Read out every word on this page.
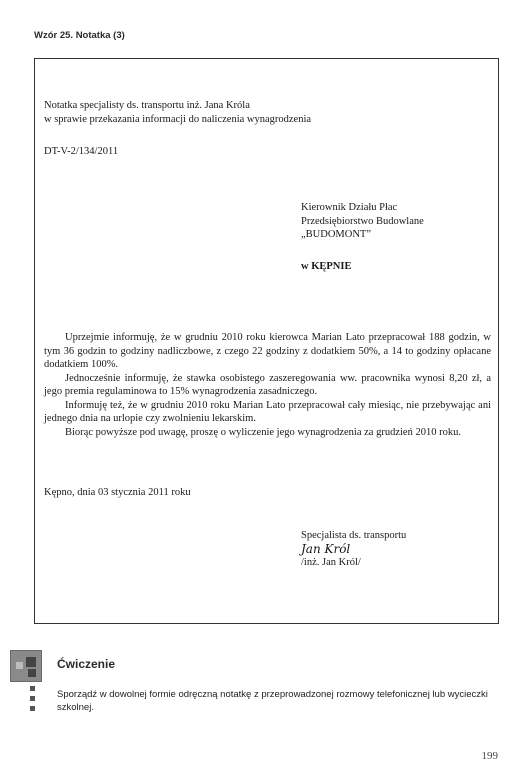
Wzór 25. Notatka (3)
Notatka specjalisty ds. transportu inż. Jana Króla
w sprawie przekazania informacji do naliczenia wynagrodzenia
DT-V-2/134/2011
Kierownik Działu Płac
Przedsiębiorstwo Budowlane
„BUDOMONT”
w KĘPNIE

Uprzejmie informuję, że w grudniu 2010 roku kierowca Marian Lato przepracował 188 godzin, w tym 36 godzin to godziny nadliczbowe, z czego 22 godziny z dodatkiem 50%, a 14 to godziny opłacane dodatkiem 100%.

Jednocześnie informuję, że stawka osobistego zaszeregowania ww. pracownika wynosi 8,20 zł, a jego premia regulaminowa to 15% wynagrodzenia zasadniczego.

Informuję też, że w grudniu 2010 roku Marian Lato przepracował cały miesiąc, nie przebywając ani jednego dnia na urlopie czy zwolnieniu lekarskim.

Biorąc powyższe pod uwagę, proszę o wyliczenie jego wynagrodzenia za grudzień 2010 roku.

Kępno, dnia 03 stycznia 2011 roku
Specjalista ds. transportu
Jan Król
/inż. Jan Król/
Ćwiczenie
Sporządź w dowolnej formie odręczną notatkę z przeprowadzonej rozmowy telefonicznej lub wycieczki szkolnej.
199
